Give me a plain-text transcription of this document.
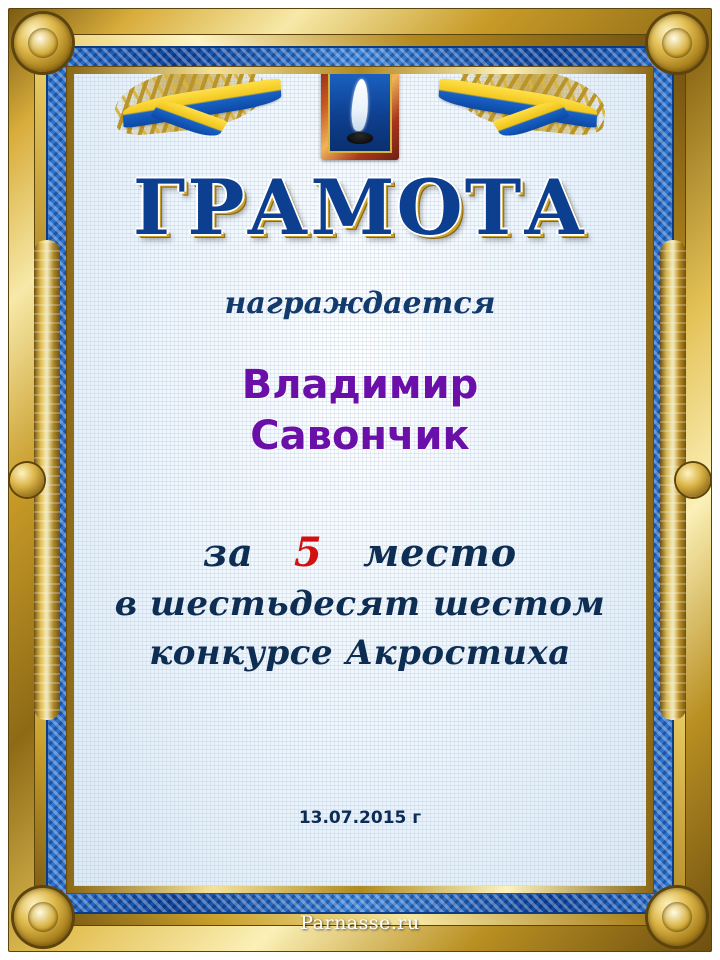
ГРАМОТА
награждается
Владимир
Савончик
за 5 место
в шестьдесят шестом
конкурсе Акростиха
13.07.2015 г
Parnasse.ru
